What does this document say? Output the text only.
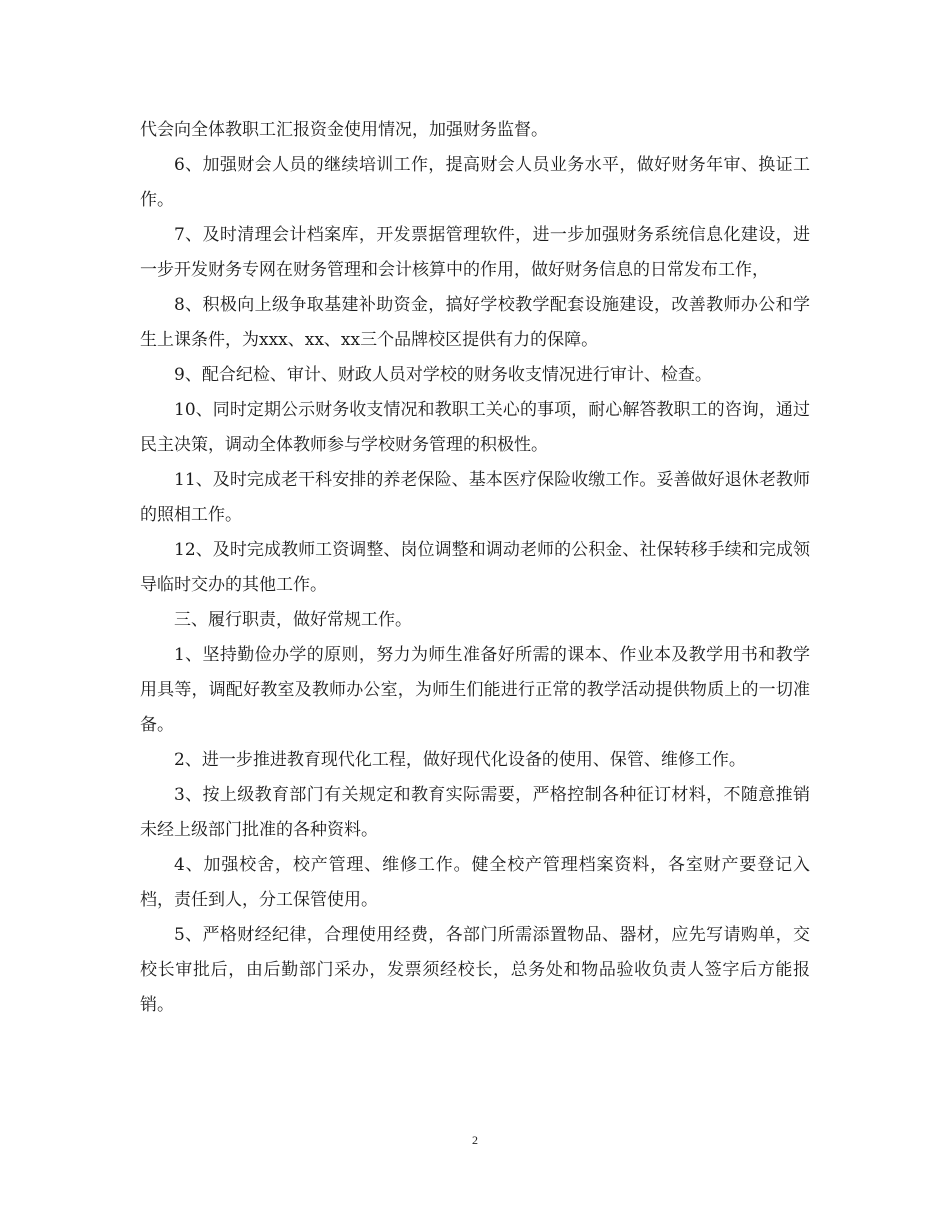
代会向全体教职工汇报资金使用情况，加强财务监督。

6、加强财会人员的继续培训工作，提高财会人员业务水平，做好财务年审、换证工作。

7、及时清理会计档案库，开发票据管理软件，进一步加强财务系统信息化建设，进一步开发财务专网在财务管理和会计核算中的作用，做好财务信息的日常发布工作，

8、积极向上级争取基建补助资金，搞好学校教学配套设施建设，改善教师办公和学生上课条件，为xxx、xx、xx三个品牌校区提供有力的保障。

9、配合纪检、审计、财政人员对学校的财务收支情况进行审计、检查。

10、同时定期公示财务收支情况和教职工关心的事项，耐心解答教职工的咨询，通过民主决策，调动全体教师参与学校财务管理的积极性。

11、及时完成老干科安排的养老保险、基本医疗保险收缴工作。妥善做好退休老教师的照相工作。

12、及时完成教师工资调整、岗位调整和调动老师的公积金、社保转移手续和完成领导临时交办的其他工作。

三、履行职责，做好常规工作。

1、坚持勤俭办学的原则，努力为师生准备好所需的课本、作业本及教学用书和教学用具等，调配好教室及教师办公室，为师生们能进行正常的教学活动提供物质上的一切准备。

2、进一步推进教育现代化工程，做好现代化设备的使用、保管、维修工作。

3、按上级教育部门有关规定和教育实际需要，严格控制各种征订材料，不随意推销未经上级部门批准的各种资料。

4、加强校舍，校产管理、维修工作。健全校产管理档案资料，各室财产要登记入档，责任到人，分工保管使用。

5、严格财经纪律，合理使用经费，各部门所需添置物品、器材，应先写请购单，交校长审批后，由后勤部门采办，发票须经校长，总务处和物品验收负责人签字后方能报销。

2
